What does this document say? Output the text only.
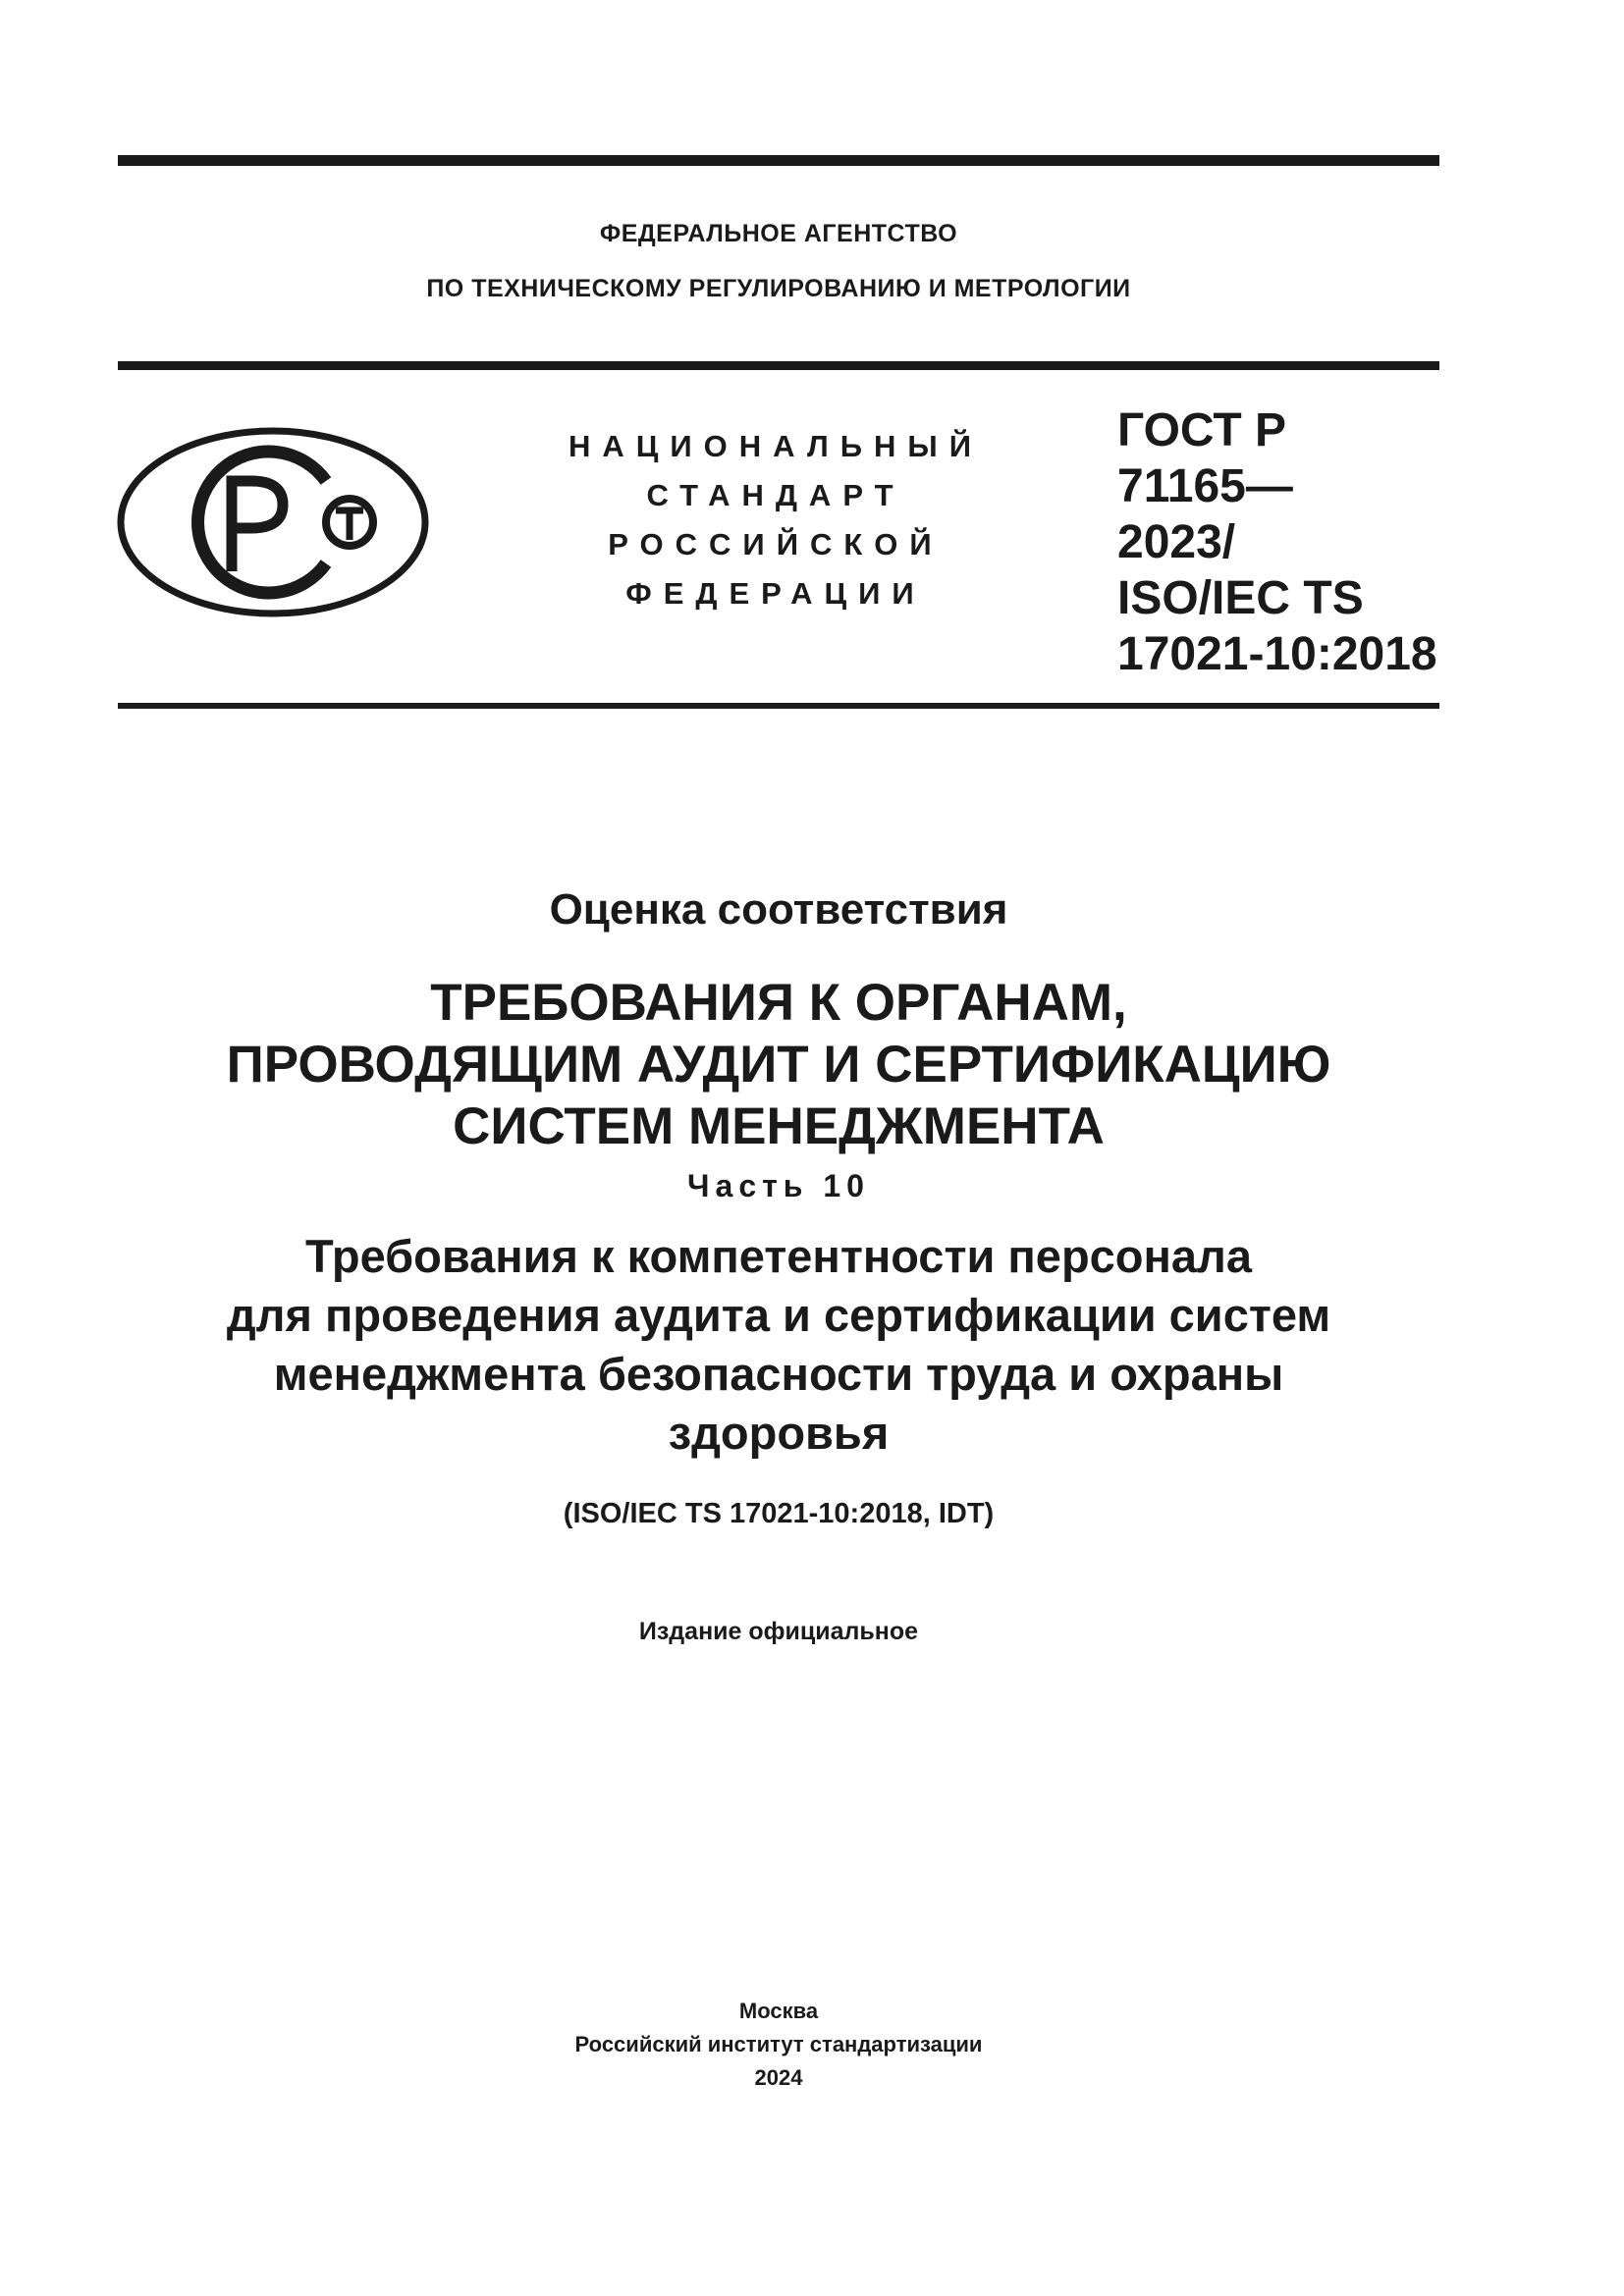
ФЕДЕРАЛЬНОЕ АГЕНТСТВО
ПО ТЕХНИЧЕСКОМУ РЕГУЛИРОВАНИЮ И МЕТРОЛОГИИ
НАЦИОНАЛЬНЫЙ
СТАНДАРТ
РОССИЙСКОЙ
ФЕДЕРАЦИИ
ГОСТ Р
71165—
2023/
ISO/IEC TS
17021-10:2018
Оценка соответствия
ТРЕБОВАНИЯ К ОРГАНАМ,
ПРОВОДЯЩИМ АУДИТ И СЕРТИФИКАЦИЮ
СИСТЕМ МЕНЕДЖМЕНТА
Часть 10
Требования к компетентности персонала
для проведения аудита и сертификации систем
менеджмента безопасности труда и охраны
здоровья
(ISO/IEC TS 17021-10:2018, IDT)
Издание официальное
Москва
Российский институт стандартизации
2024
